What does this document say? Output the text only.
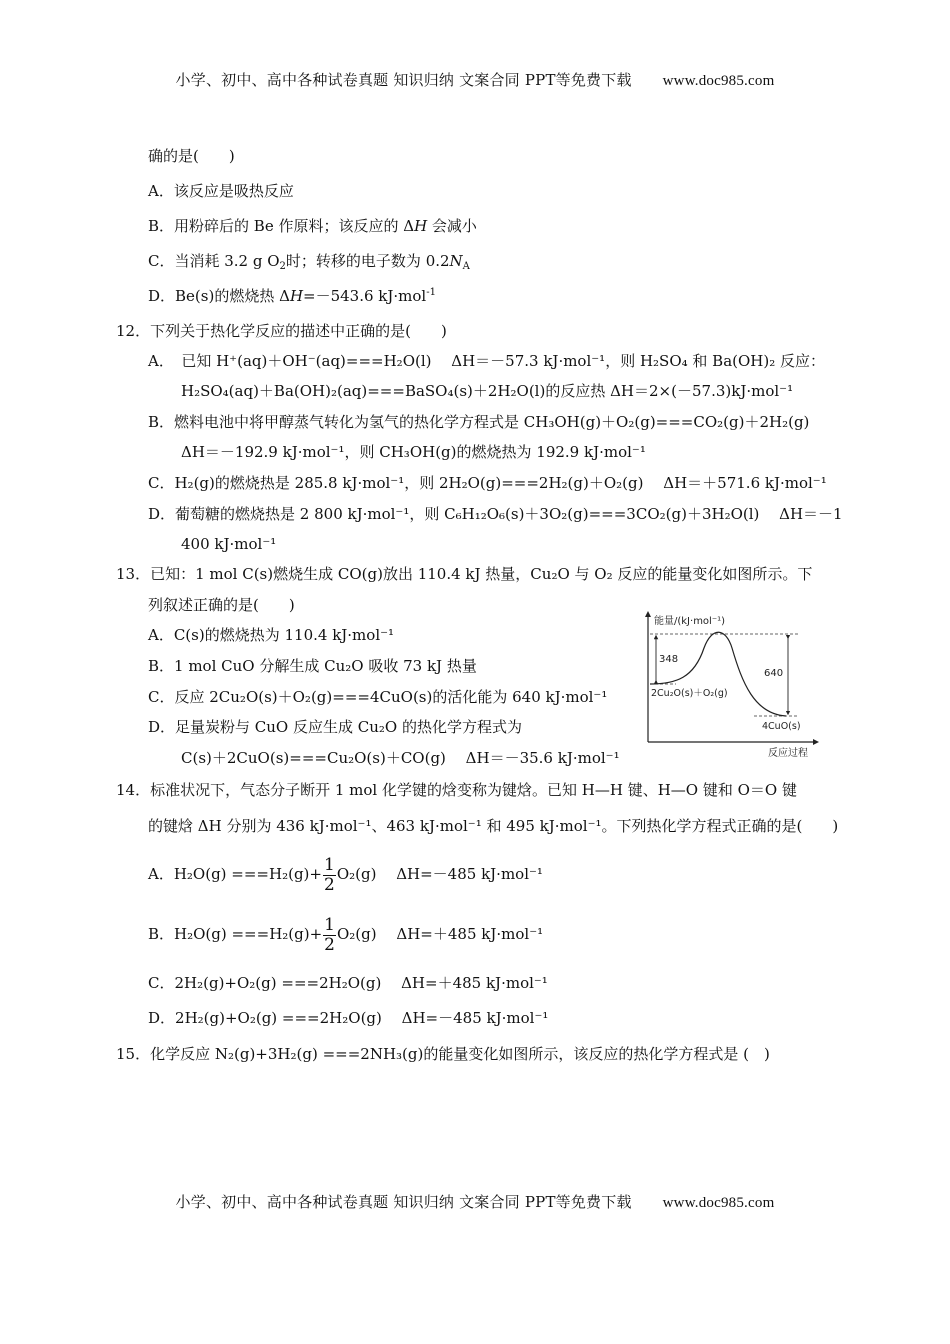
小学、初中、高中各种试卷真题 知识归纳 文案合同 PPT等免费下载 www.doc985.com
确的是(　　)
A．该反应是吸热反应
B．用粉碎后的 Be 作原料；该反应的 ΔH 会减小
C．当消耗 3.2 g $O_2$时；转移的电子数为 $0.2N_A$
D．Be(s)的燃烧热 ΔH=－543.6 kJ·mol$^{-1}$
12．下列关于热化学反应的描述中正确的是(　　)
A．　已知 H⁺(aq)＋OH⁻(aq)===H₂O(l)　 ΔH＝－57.3 kJ·mol⁻¹，则 H₂SO₄ 和 Ba(OH)₂ 反应：
H₂SO₄(aq)＋Ba(OH)₂(aq)===BaSO₄(s)＋2H₂O(l)的反应热 ΔH＝2×(－57.3)kJ·mol⁻¹
B．燃料电池中将甲醇蒸气转化为氢气的热化学方程式是 CH₃OH(g)＋O₂(g)===CO₂(g)＋2H₂(g)
ΔH＝－192.9 kJ·mol⁻¹，则 CH₃OH(g)的燃烧热为 192.9 kJ·mol⁻¹
C．H₂(g)的燃烧热是 285.8 kJ·mol⁻¹，则 2H₂O(g)===2H₂(g)＋O₂(g)　 ΔH＝＋571.6 kJ·mol⁻¹
D．葡萄糖的燃烧热是 2 800 kJ·mol⁻¹，则 C₆H₁₂O₆(s)＋3O₂(g)===3CO₂(g)＋3H₂O(l)　 ΔH＝－1
400 kJ·mol⁻¹
13．已知：1 mol C(s)燃烧生成 CO(g)放出 110.4 kJ 热量，Cu₂O 与 O₂ 反应的能量变化如图所示。下
列叙述正确的是(　　)
A．C(s)的燃烧热为 110.4 kJ·mol⁻¹
B．1 mol CuO 分解生成 Cu₂O 吸收 73 kJ 热量
C．反应 2Cu₂O(s)＋O₂(g)===4CuO(s)的活化能为 640 kJ·mol⁻¹
D．足量炭粉与 CuO 反应生成 Cu₂O 的热化学方程式为
C(s)＋2CuO(s)===Cu₂O(s)＋CO(g)　 ΔH＝－35.6 kJ·mol⁻¹
能量/(kJ·mol⁻¹)
反应过程
348
640
2Cu₂O(s)＋O₂(g)
4CuO(s)
14．标准状况下，气态分子断开 1 mol 化学键的焓变称为键焓。已知 H—H 键、H—O 键和 O＝O 键
的键焓 ΔH 分别为 436 kJ·mol⁻¹、463 kJ·mol⁻¹ 和 495 kJ·mol⁻¹。下列热化学方程式正确的是(　　)
A．$H_2O(g) ===H_2(g)+ \frac{1}{2} O_2(g)$　 ΔH=－485 kJ·mol⁻¹
B．$H_2O(g) ===H_2(g)+ \frac{1}{2} O_2(g)$　 ΔH=＋485 kJ·mol⁻¹
C．2H₂(g)+O₂(g) ===2H₂O(g)　 ΔH=＋485 kJ·mol⁻¹
D．2H₂(g)+O₂(g) ===2H₂O(g)　 ΔH=－485 kJ·mol⁻¹
15．化学反应 N₂(g)+3H₂(g) ===2NH₃(g)的能量变化如图所示，该反应的热化学方程式是 (　)
小学、初中、高中各种试卷真题 知识归纳 文案合同 PPT等免费下载 www.doc985.com
